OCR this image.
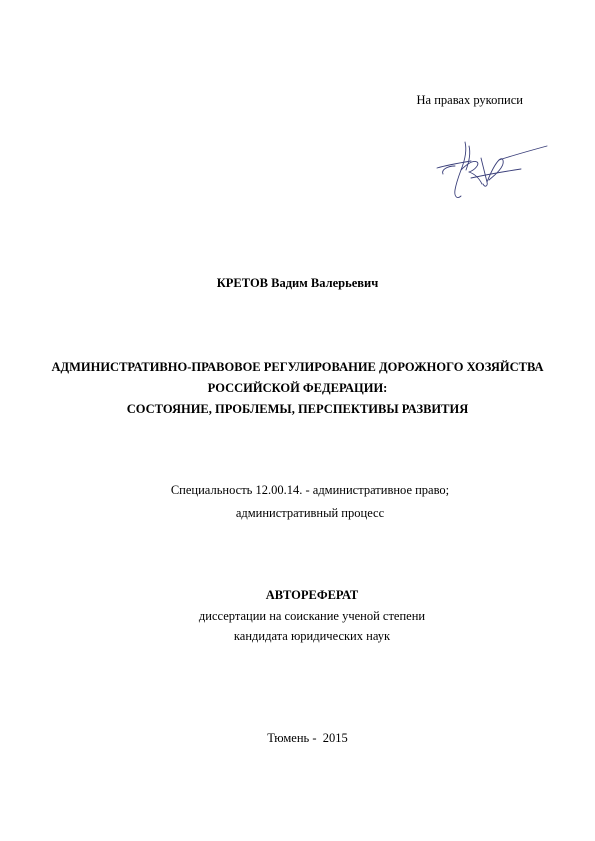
На правах рукописи
КРЕТОВ Вадим Валерьевич
АДМИНИСТРАТИВНО-ПРАВОВОЕ РЕГУЛИРОВАНИЕ ДОРОЖНОГО ХОЗЯЙСТВА
РОССИЙСКОЙ ФЕДЕРАЦИИ:
СОСТОЯНИЕ, ПРОБЛЕМЫ, ПЕРСПЕКТИВЫ РАЗВИТИЯ
Специальность 12.00.14. - административное право;
административный процесс
АВТОРЕФЕРАТ
диссертации на соискание ученой степени
кандидата юридических наук
Тюмень -  2015
